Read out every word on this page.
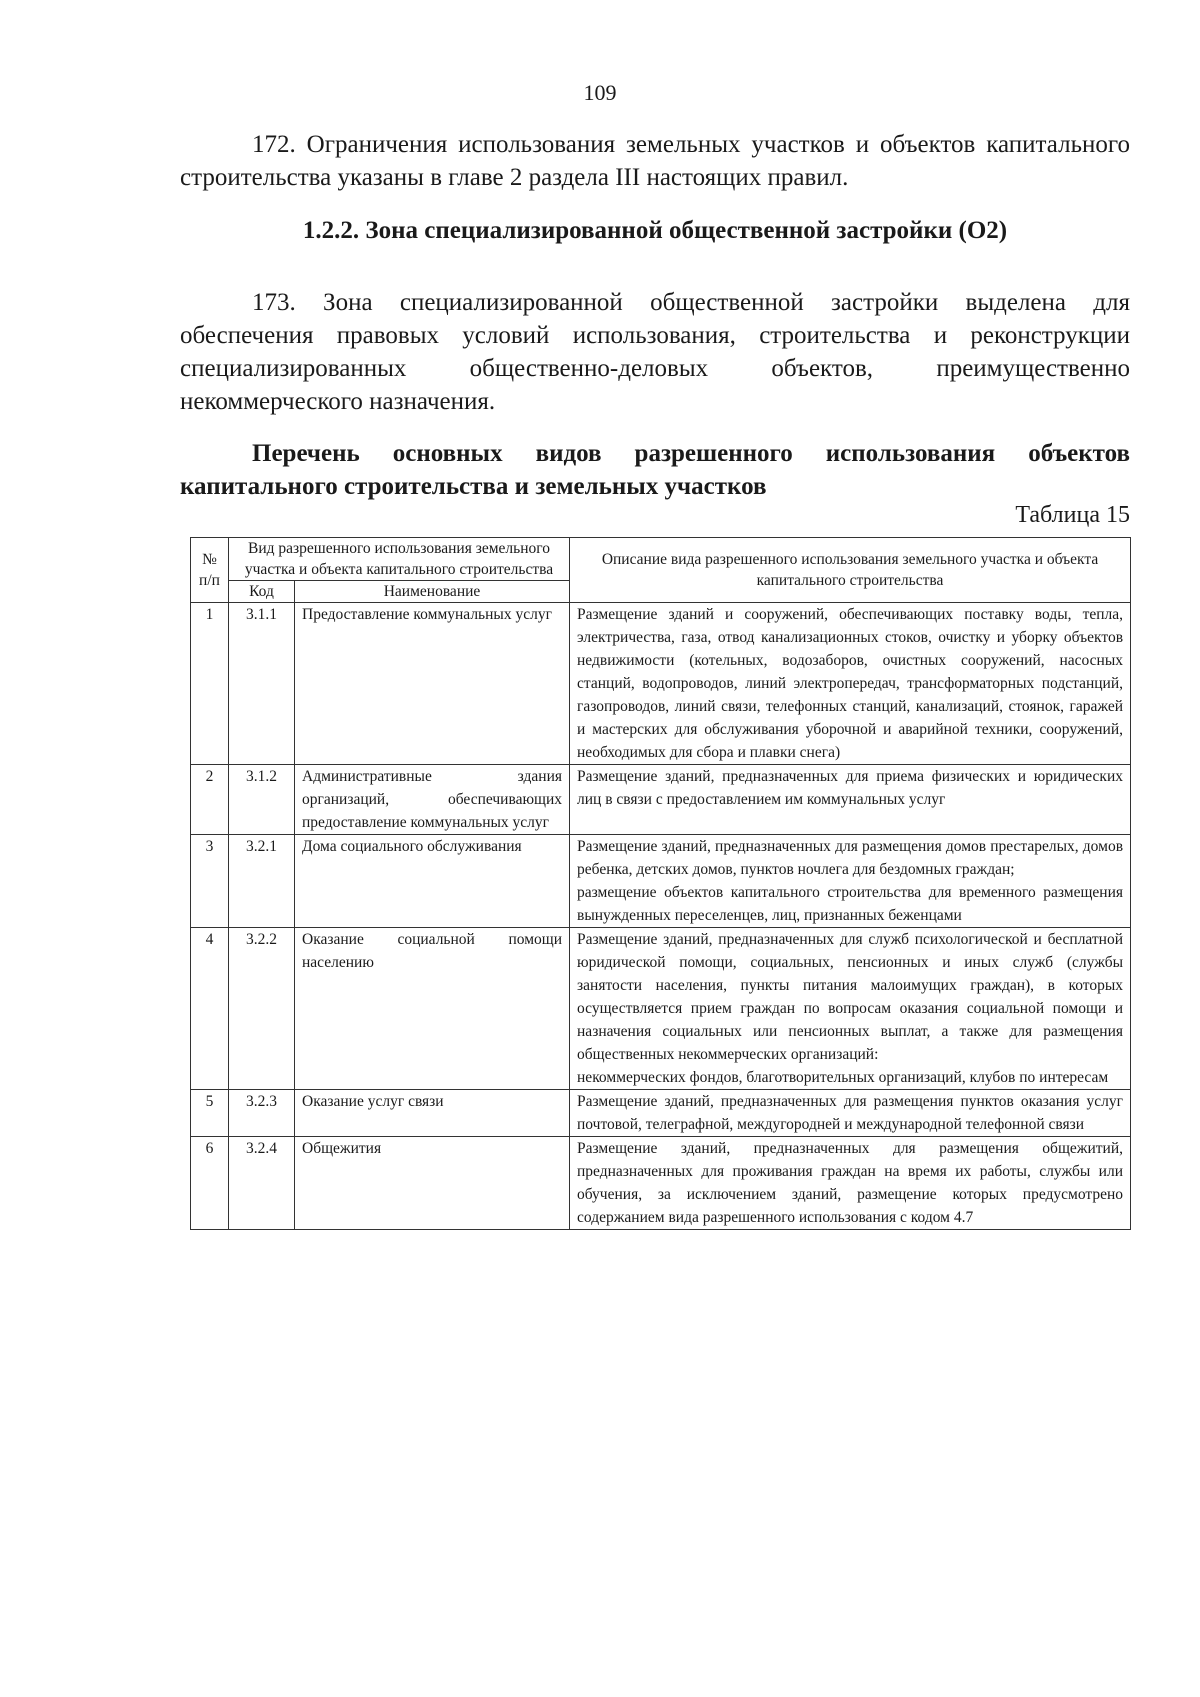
109

172. Ограничения использования земельных участков и объектов капитального строительства указаны в главе 2 раздела III настоящих правил.

1.2.2. Зона специализированной общественной застройки (О2)

173. Зона специализированной общественной застройки выделена для обеспечения правовых условий использования, строительства и реконструкции специализированных общественно-деловых объектов, преимущественно некоммерческого назначения.

Перечень основных видов разрешенного использования объектов капитального строительства и земельных участков

Таблица 15
№ п/п	Вид разрешенного использования земельного участка и объекта капитального строительства		Описание вида разрешенного использования земельного участка и объекта капитального строительства
	Код	Наименование	
1	3.1.1	Предоставление коммунальных услуг	Размещение зданий и сооружений, обеспечивающих поставку воды, тепла, электричества, газа, отвод канализационных стоков, очистку и уборку объектов недвижимости (котельных, водозаборов, очистных сооружений, насосных станций, водопроводов, линий электропередач, трансформаторных подстанций, газопроводов, линий связи, телефонных станций, канализаций, стоянок, гаражей и мастерских для обслуживания уборочной и аварийной техники, сооружений, необходимых для сбора и плавки снега)
2	3.1.2	Административные здания организаций, обеспечивающих предоставление коммунальных услуг	Размещение зданий, предназначенных для приема физических и юридических лиц в связи с предоставлением им коммунальных услуг
3	3.2.1	Дома социального обслуживания	Размещение зданий, предназначенных для размещения домов престарелых, домов ребенка, детских домов, пунктов ночлега для бездомных граждан;
размещение объектов капитального строительства для временного размещения вынужденных переселенцев, лиц, признанных беженцами
4	3.2.2	Оказание социальной помощи населению	Размещение зданий, предназначенных для служб психологической и бесплатной юридической помощи, социальных, пенсионных и иных служб (службы занятости населения, пункты питания малоимущих граждан), в которых осуществляется прием граждан по вопросам оказания социальной помощи и назначения социальных или пенсионных выплат, а также для размещения общественных некоммерческих организаций:
некоммерческих фондов, благотворительных организаций, клубов по интересам
5	3.2.3	Оказание услуг связи	Размещение зданий, предназначенных для размещения пунктов оказания услуг почтовой, телеграфной, междугородней и международной телефонной связи
6	3.2.4	Общежития	Размещение зданий, предназначенных для размещения общежитий, предназначенных для проживания граждан на время их работы, службы или обучения, за исключением зданий, размещение которых предусмотрено содержанием вида разрешенного использования с кодом 4.7
